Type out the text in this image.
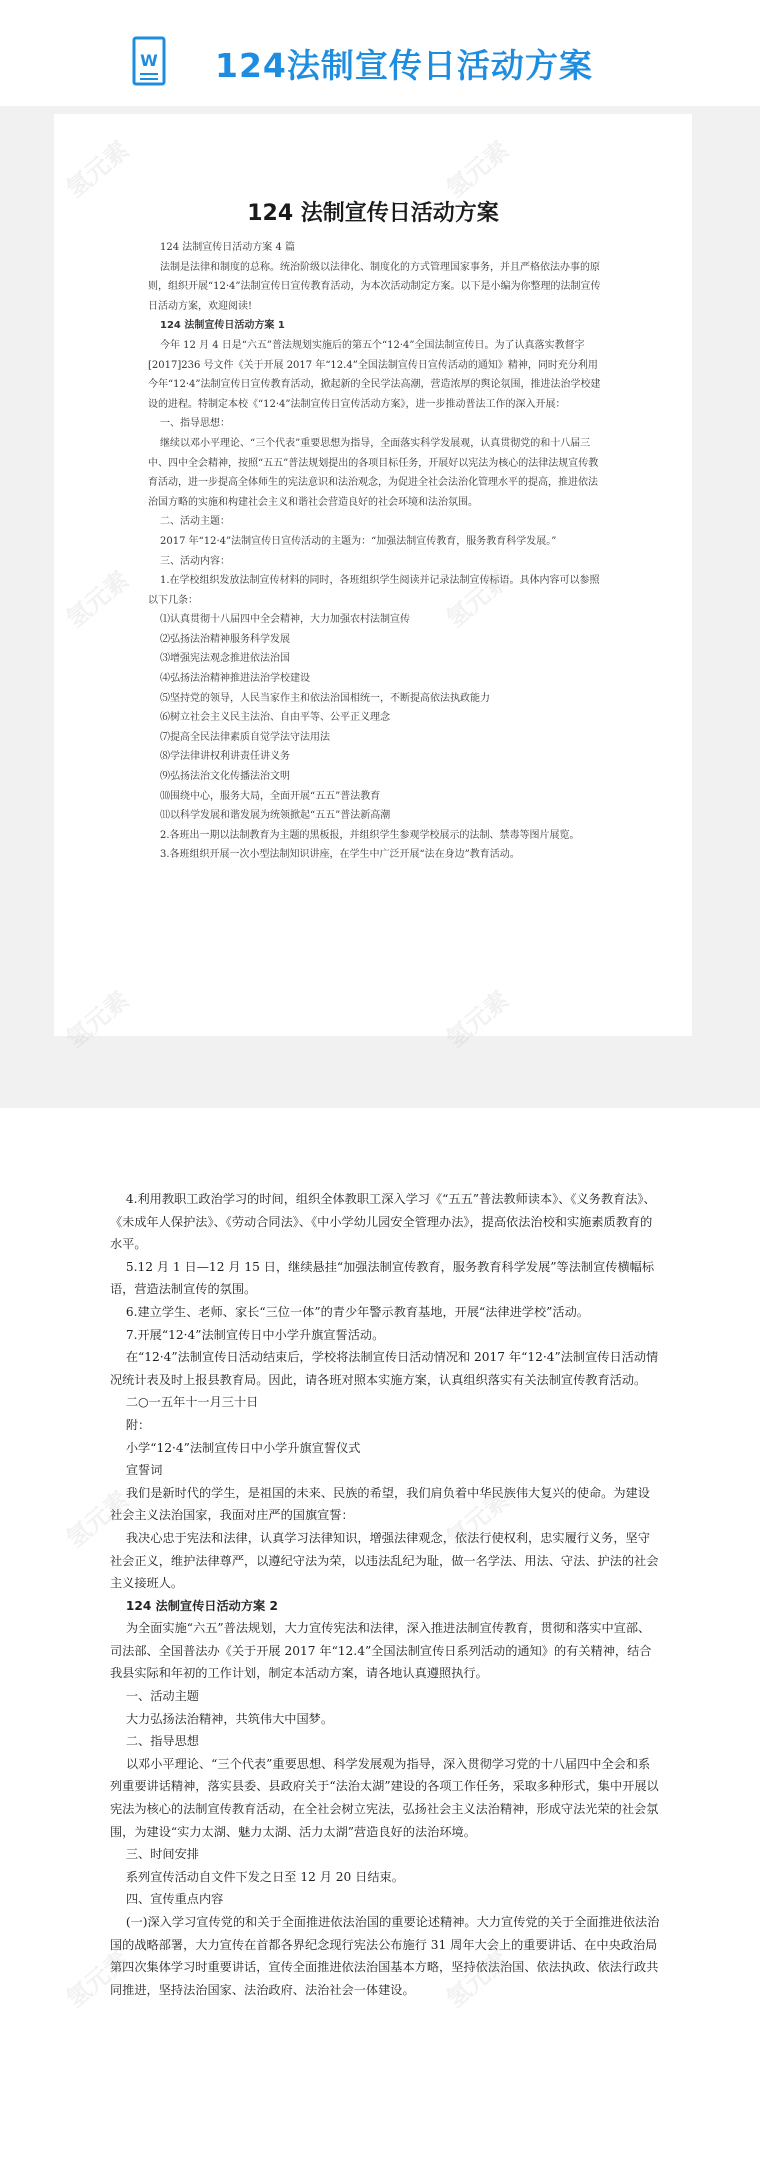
W 124法制宣传日活动方案
124 法制宣传日活动方案

124 法制宣传日活动方案 4 篇

法制是法律和制度的总称。统治阶级以法律化、制度化的方式管理国家事务，并且严格依法办事的原则，组织开展“12·4”法制宣传日宣传教育活动，为本次活动制定方案。以下是小编为你整理的法制宣传日活动方案，欢迎阅读!

124 法制宣传日活动方案 1

今年 12 月 4 日是“六五”普法规划实施后的第五个“12·4”全国法制宣传日。为了认真落实教督字[2017]236 号文件《关于开展 2017 年“12.4”全国法制宣传日宣传活动的通知》精神，同时充分利用今年“12·4”法制宣传日宣传教育活动，掀起新的全民学法高潮，营造浓厚的舆论氛围，推进法治学校建设的进程。特制定本校《“12·4”法制宣传日宣传活动方案》，进一步推动普法工作的深入开展：

一、指导思想：

继续以邓小平理论、“三个代表”重要思想为指导，全面落实科学发展观，认真贯彻党的和十八届三中、四中全会精神，按照“五五”普法规划提出的各项目标任务，开展好以宪法为核心的法律法规宣传教育活动，进一步提高全体师生的宪法意识和法治观念，为促进全社会法治化管理水平的提高，推进依法治国方略的实施和构建社会主义和谐社会营造良好的社会环境和法治氛围。

二、活动主题：

2017 年“12·4”法制宣传日宣传活动的主题为：“加强法制宣传教育，服务教育科学发展。”

三、活动内容：

1.在学校组织发放法制宣传材料的同时，各班组织学生阅读并记录法制宣传标语。具体内容可以参照以下几条：

⑴认真贯彻十八届四中全会精神，大力加强农村法制宣传

⑵弘扬法治精神服务科学发展

⑶增强宪法观念推进依法治国

⑷弘扬法治精神推进法治学校建设

⑸坚持党的领导，人民当家作主和依法治国相统一，不断提高依法执政能力

⑹树立社会主义民主法治、自由平等、公平正义理念

⑺提高全民法律素质自觉学法守法用法

⑻学法律讲权利讲责任讲义务

⑼弘扬法治文化传播法治文明

⑽围绕中心，服务大局，全面开展“五五”普法教育

⑾以科学发展和谐发展为统领掀起“五五”普法新高潮

2.各班出一期以法制教育为主题的黑板报，并组织学生参观学校展示的法制、禁毒等图片展览。

3.各班组织开展一次小型法制知识讲座，在学生中广泛开展“法在身边”教育活动。

4.利用教职工政治学习的时间，组织全体教职工深入学习《“五五”普法教师读本》、《义务教育法》、《未成年人保护法》、《劳动合同法》、《中小学幼儿园安全管理办法》，提高依法治校和实施素质教育的水平。

5.12 月 1 日—12 月 15 日，继续悬挂“加强法制宣传教育，服务教育科学发展”等法制宣传横幅标语，营造法制宣传的氛围。

6.建立学生、老师、家长“三位一体”的青少年警示教育基地，开展“法律进学校”活动。

7.开展“12·4”法制宣传日中小学升旗宣誓活动。

在“12·4”法制宣传日活动结束后，学校将法制宣传日活动情况和 2017 年“12·4”法制宣传日活动情况统计表及时上报县教育局。因此，请各班对照本实施方案，认真组织落实有关法制宣传教育活动。

二○一五年十一月三十日

附：

小学“12·4”法制宣传日中小学升旗宣誓仪式

宣誓词

我们是新时代的学生，是祖国的未来、民族的希望，我们肩负着中华民族伟大复兴的使命。为建设社会主义法治国家，我面对庄严的国旗宣誓：

我决心忠于宪法和法律，认真学习法律知识，增强法律观念，依法行使权利，忠实履行义务，坚守社会正义，维护法律尊严，以遵纪守法为荣，以违法乱纪为耻，做一名学法、用法、守法、护法的社会主义接班人。

124 法制宣传日活动方案 2

为全面实施“六五”普法规划，大力宣传宪法和法律，深入推进法制宣传教育，贯彻和落实中宣部、司法部、全国普法办《关于开展 2017 年“12.4”全国法制宣传日系列活动的通知》的有关精神，结合我县实际和年初的工作计划，制定本活动方案，请各地认真遵照执行。

一、活动主题

大力弘扬法治精神，共筑伟大中国梦。

二、指导思想

以邓小平理论、“三个代表”重要思想、科学发展观为指导，深入贯彻学习党的十八届四中全会和系列重要讲话精神，落实县委、县政府关于“法治太湖”建设的各项工作任务，采取多种形式，集中开展以宪法为核心的法制宣传教育活动，在全社会树立宪法，弘扬社会主义法治精神，形成守法光荣的社会氛围，为建设“实力太湖、魅力太湖、活力太湖”营造良好的法治环境。

三、时间安排

系列宣传活动自文件下发之日至 12 月 20 日结束。

四、宣传重点内容

(一)深入学习宣传党的和关于全面推进依法治国的重要论述精神。大力宣传党的关于全面推进依法治国的战略部署，大力宣传在首都各界纪念现行宪法公布施行 31 周年大会上的重要讲话、在中央政治局第四次集体学习时重要讲话，宣传全面推进依法治国基本方略，坚持依法治国、依法执政、依法行政共同推进，坚持法治国家、法治政府、法治社会一体建设。
